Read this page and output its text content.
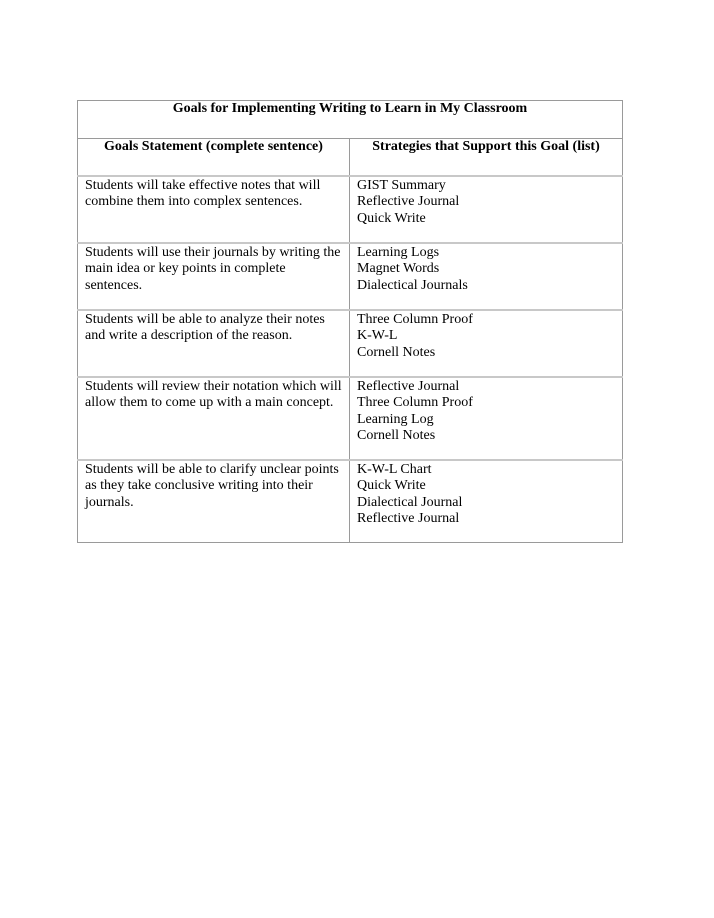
Goals for Implementing Writing to Learn in My Classroom	
Goals Statement (complete sentence)	Strategies that Support this Goal (list)
Students will take effective notes that will combine them into complex sentences.	GIST Summary
Reflective Journal
Quick Write

Students will use their journals by writing the main idea or key points in complete sentences.	Learning Logs
Magnet Words
Dialectical Journals

Students will be able to analyze their notes and write a description of the reason.	Three Column Proof
K-W-L
Cornell Notes

Students will review their notation which will allow them to come up with a main concept.	Reflective Journal
Three Column Proof
Learning Log
Cornell Notes

Students will be able to clarify unclear points as they take conclusive writing into their journals.	K-W-L Chart
Quick Write
Dialectical Journal
Reflective Journal
